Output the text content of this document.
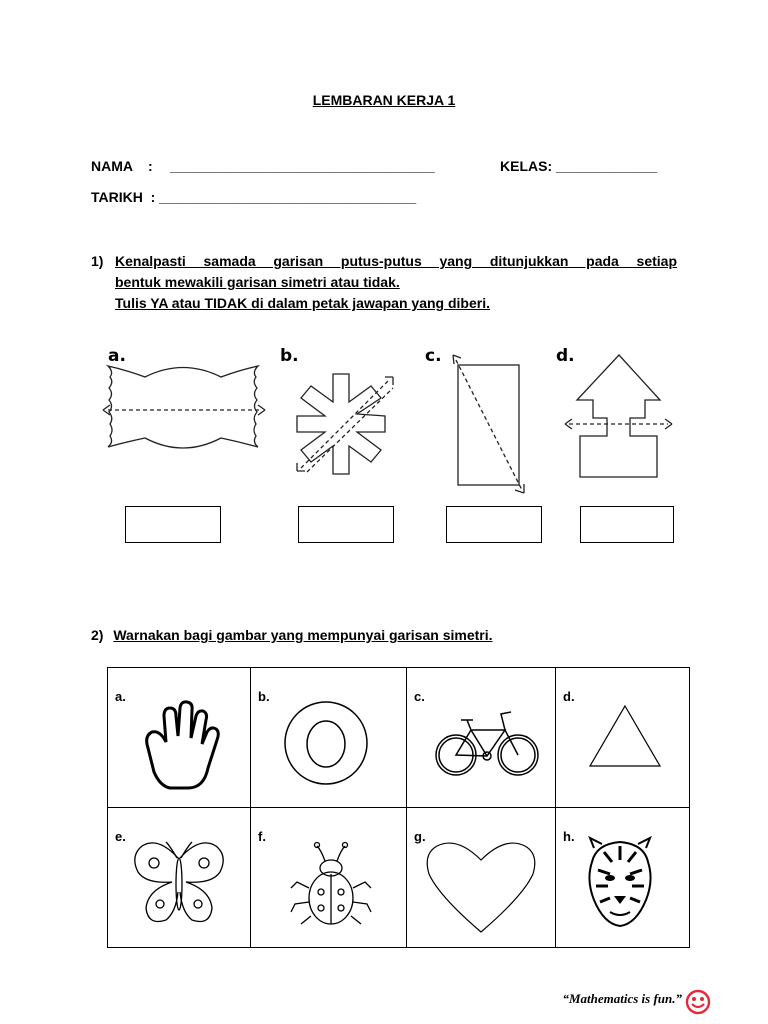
LEMBARAN KERJA 1
NAMA    : __________________________________	KELAS: _____________
TARIKH  : _________________________________
1) Kenalpasti samada garisan putus-putus yang ditunjukkan pada setiap
bentuk mewakili garisan simetri atau tidak.
Tulis YA atau TIDAK di dalam petak jawapan yang diberi.
a.	b.	c.	d.
2) Warnakan bagi gambar yang mempunyai garisan simetri.
a.	b.	c.	d.

e.	f.	g.	h.
“Mathematics is fun.”
